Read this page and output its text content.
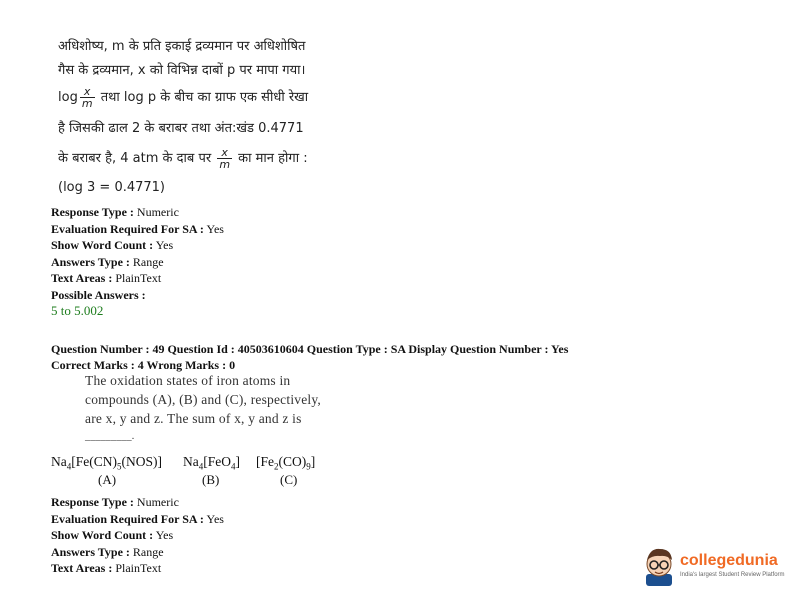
अधिशोष्य, m के प्रति इकाई द्रव्यमान पर अधिशोषित
गैस के द्रव्यमान, x को विभिन्न दाबों p पर मापा गया।
$\log \frac{x}{m}$ तथा log p के बीच का ग्राफ एक सीधी रेखा
है जिसकी ढाल 2 के बराबर तथा अंत:खंड 0.4771
के बराबर है, 4 atm के दाब पर $\frac{x}{m}$ का मान होगा :
(log 3 = 0.4771)
Response Type : Numeric
Evaluation Required For SA : Yes
Show Word Count : Yes
Answers Type : Range
Text Areas : PlainText
Possible Answers :
5 to 5.002
Question Number : 49 Question Id : 40503610604 Question Type : SA Display Question Number : Yes
Correct Marks : 4 Wrong Marks : 0
The oxidation states of iron atoms in
compounds (A), (B) and (C), respectively,
are x, y and z. The sum of x, y and z is
_________.
$Na_4[Fe(CN)_5(NOS)]$ $Na_4[FeO_4]$ $[Fe_2(CO)_9]$
(A)	(B)	(C)
Response Type : Numeric
Evaluation Required For SA : Yes
Show Word Count : Yes
Answers Type : Range
Text Areas : PlainText	collegedunia
India's largest Student Review Platform
